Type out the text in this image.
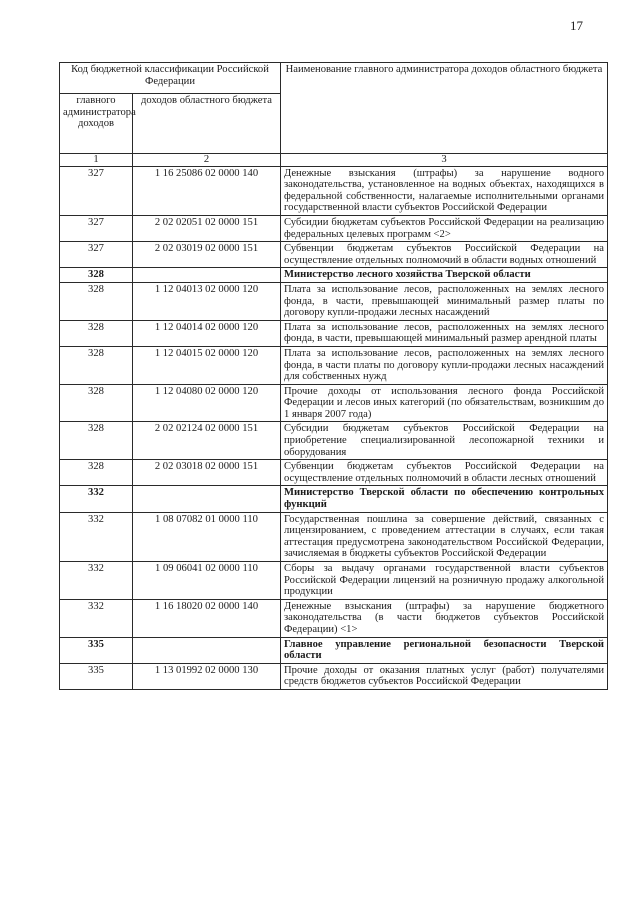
17
Код бюджетной классификации Российской Федерации		Наименование главного администратора доходов областного бюджета
главного администратора доходов	доходов областного бюджета	
1	2	3
327	1 16 25086 02 0000 140	Денежные взыскания (штрафы) за нарушение водного законодательства, установленное на водных объектах, находящихся в федеральной собственности, налагаемые исполнительными органами государственной власти субъектов Российской Федерации
327	2 02 02051 02 0000 151	Субсидии бюджетам субъектов Российской Федерации на реализацию федеральных целевых программ <2>
327	2 02 03019 02 0000 151	Субвенции бюджетам субъектов Российской Федерации на осуществление отдельных полномочий в области водных отношений
328		Министерство лесного хозяйства Тверской области
328	1 12 04013 02 0000 120	Плата за использование лесов, расположенных на землях лесного фонда, в части, превышающей минимальный размер платы по договору купли-продажи лесных насаждений
328	1 12 04014 02 0000 120	Плата за использование лесов, расположенных на землях лесного фонда, в части, превышающей минимальный размер арендной платы
328	1 12 04015 02 0000 120	Плата за использование лесов, расположенных на землях лесного фонда, в части платы по договору купли-продажи лесных насаждений для собственных нужд
328	1 12 04080 02 0000 120	Прочие доходы от использования лесного фонда Российской Федерации и лесов иных категорий (по обязательствам, возникшим до 1 января 2007 года)
328	2 02 02124 02 0000 151	Субсидии бюджетам субъектов Российской Федерации на приобретение специализированной лесопожарной техники и оборудования
328	2 02 03018 02 0000 151	Субвенции бюджетам субъектов Российской Федерации на осуществление отдельных полномочий в области лесных отношений
332		Министерство Тверской области по обеспечению контрольных функций
332	1 08 07082 01 0000 110	Государственная пошлина за совершение действий, связанных с лицензированием, с проведением аттестации в случаях, если такая аттестация предусмотрена законодательством Российской Федерации, зачисляемая в бюджеты субъектов Российской Федерации
332	1 09 06041 02 0000 110	Сборы за выдачу органами государственной власти субъектов Российской Федерации лицензий на розничную продажу алкогольной продукции
332	1 16 18020 02 0000 140	Денежные взыскания (штрафы) за нарушение бюджетного законодательства (в части бюджетов субъектов Российской Федерации) <1>
335		Главное управление региональной безопасности Тверской области
335	1 13 01992 02 0000 130	Прочие доходы от оказания платных услуг (работ) получателями средств бюджетов субъектов Российской Федерации
